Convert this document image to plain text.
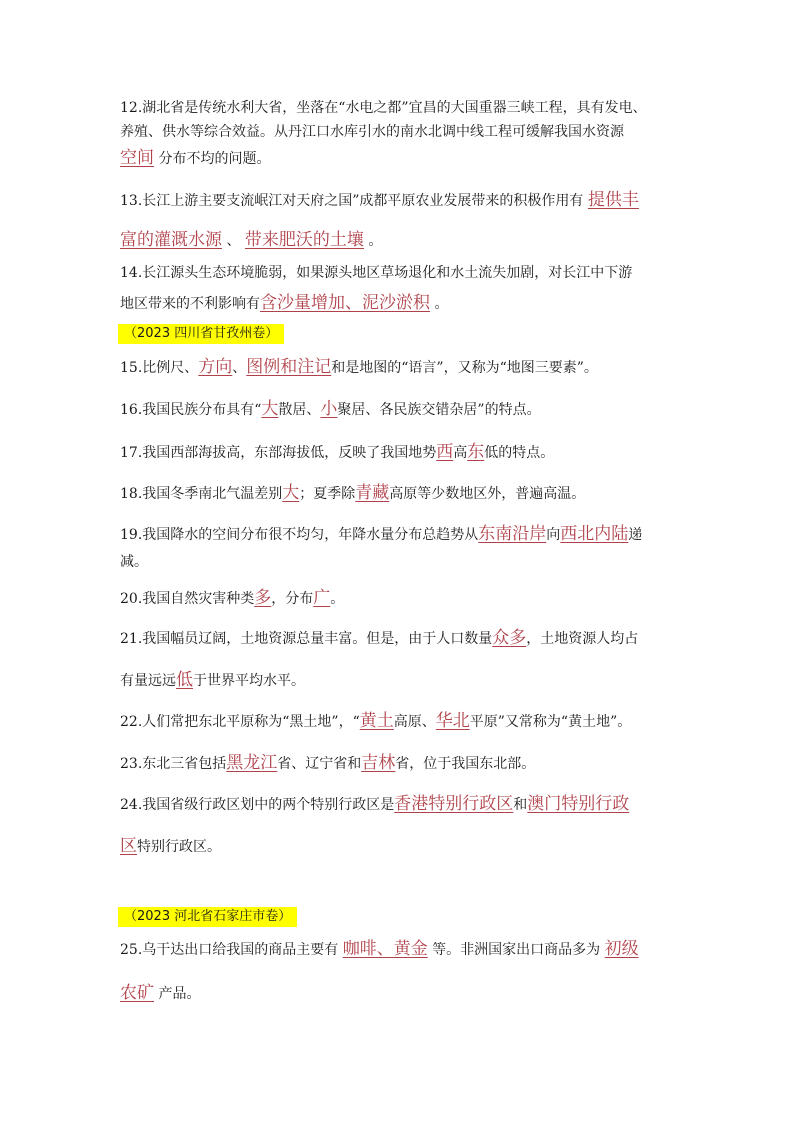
12.湖北省是传统水利大省，坐落在“水电之都”宜昌的大国重器三峡工程，具有发电、
养殖、供水等综合效益。从丹江口水库引水的南水北调中线工程可缓解我国水资源
空间 分布不均的问题。
13.长江上游主要支流岷江对天府之国”成都平原农业发展带来的积极作用有 提供丰
富的灌溉水源 、 带来肥沃的土壤 。
14.长江源头生态环境脆弱，如果源头地区草场退化和水土流失加剧，对长江中下游
地区带来的不利影响有含沙量增加、泥沙淤积 。
（2023 四川省甘孜州卷）
15.比例尺、方向、图例和注记和是地图的“语言”，又称为“地图三要素”。
16.我国民族分布具有“大散居、小聚居、各民族交错杂居”的特点。
17.我国西部海拔高，东部海拔低，反映了我国地势西高东低的特点。
18.我国冬季南北气温差别大；夏季除青藏高原等少数地区外，普遍高温。
19.我国降水的空间分布很不均匀，年降水量分布总趋势从东南沿岸向西北内陆递
减。
20.我国自然灾害种类多，分布广。
21.我国幅员辽阔，土地资源总量丰富。但是，由于人口数量众多，土地资源人均占
有量远远低于世界平均水平。
22.人们常把东北平原称为“黑土地”，“黄土高原、华北平原”又常称为“黄土地”。
23.东北三省包括黑龙江省、辽宁省和吉林省，位于我国东北部。
24.我国省级行政区划中的两个特别行政区是香港特别行政区和澳门特别行政
区特别行政区。
（2023 河北省石家庄市卷）
25.乌干达出口给我国的商品主要有 咖啡、黄金 等。非洲国家出口商品多为 初级
农矿 产品。
